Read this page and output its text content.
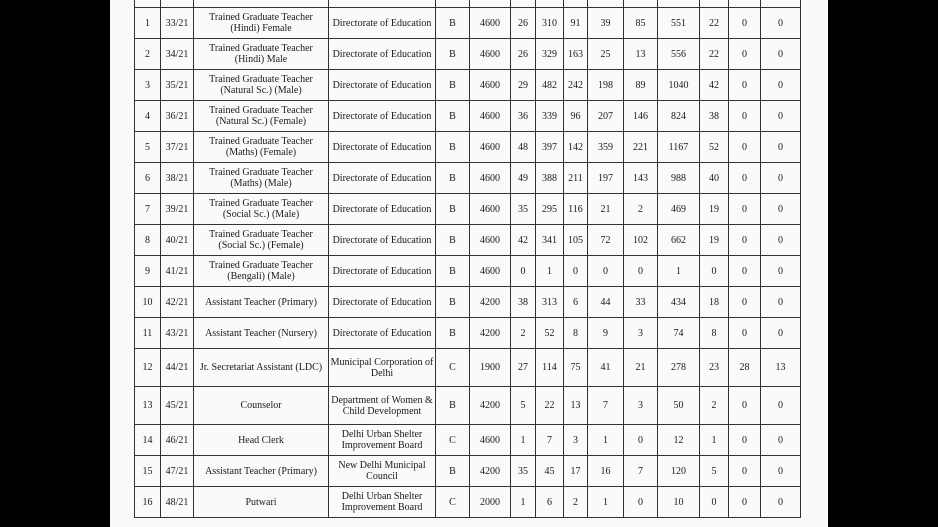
1	33/21	Trained Graduate Teacher (Hindi) Female	Directorate of Education	B	4600	26	310	91	39	85	551	22	0	0
2	34/21	Trained Graduate Teacher (Hindi) Male	Directorate of Education	B	4600	26	329	163	25	13	556	22	0	0
3	35/21	Trained Graduate Teacher (Natural Sc.) (Male)	Directorate of Education	B	4600	29	482	242	198	89	1040	42	0	0
4	36/21	Trained Graduate Teacher (Natural Sc.) (Female)	Directorate of Education	B	4600	36	339	96	207	146	824	38	0	0
5	37/21	Trained Graduate Teacher (Maths) (Female)	Directorate of Education	B	4600	48	397	142	359	221	1167	52	0	0
6	38/21	Trained Graduate Teacher (Maths) (Male)	Directorate of Education	B	4600	49	388	211	197	143	988	40	0	0
7	39/21	Trained Graduate Teacher (Social Sc.) (Male)	Directorate of Education	B	4600	35	295	116	21	2	469	19	0	0
8	40/21	Trained Graduate Teacher (Social Sc.) (Female)	Directorate of Education	B	4600	42	341	105	72	102	662	19	0	0
9	41/21	Trained Graduate Teacher (Bengali) (Male)	Directorate of Education	B	4600	0	1	0	0	0	1	0	0	0
10	42/21	Assistant Teacher (Primary)	Directorate of Education	B	4200	38	313	6	44	33	434	18	0	0
11	43/21	Assistant Teacher (Nursery)	Directorate of Education	B	4200	2	52	8	9	3	74	8	0	0
12	44/21	Jr. Secretariat Assistant (LDC)	Municipal Corporation of Delhi	C	1900	27	114	75	41	21	278	23	28	13
13	45/21	Counselor	Department of Women & Child Development	B	4200	5	22	13	7	3	50	2	0	0
14	46/21	Head Clerk	Delhi Urban Shelter Improvement Board	C	4600	1	7	3	1	0	12	1	0	0
15	47/21	Assistant Teacher (Primary)	New Delhi Municipal Council	B	4200	35	45	17	16	7	120	5	0	0
16	48/21	Putwari	Delhi Urban Shelter Improvement Board	C	2000	1	6	2	1	0	10	0	0	0
